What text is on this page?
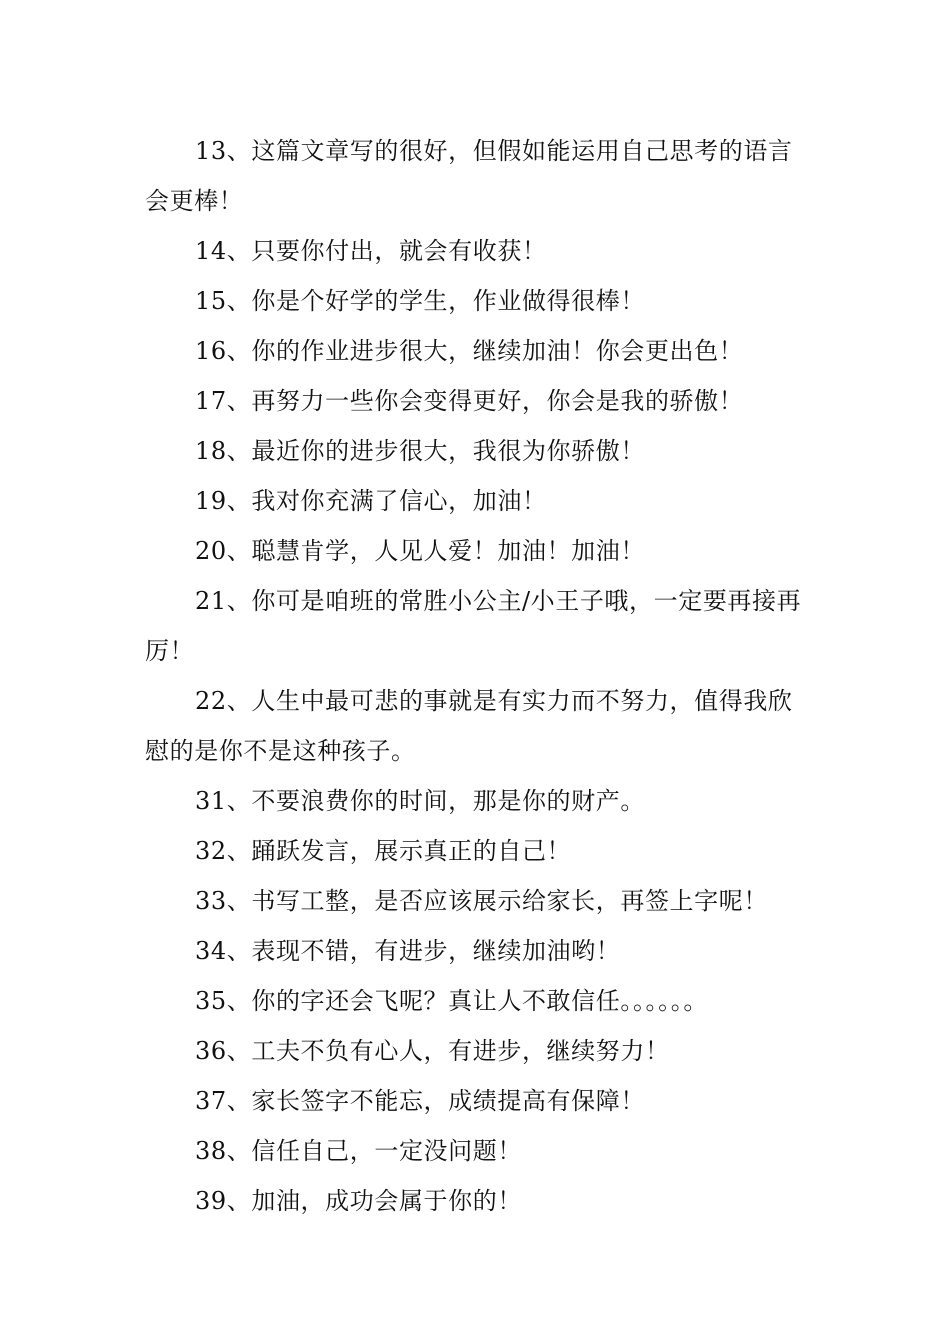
13、这篇文章写的很好，但假如能运用自己思考的语言会更棒！

14、只要你付出，就会有收获！

15、你是个好学的学生，作业做得很棒！

16、你的作业进步很大，继续加油！你会更出色！

17、再努力一些你会变得更好，你会是我的骄傲！

18、最近你的进步很大，我很为你骄傲！

19、我对你充满了信心，加油！

20、聪慧肯学，人见人爱！加油！加油！

21、你可是咱班的常胜小公主/小王子哦，一定要再接再厉！

22、人生中最可悲的事就是有实力而不努力，值得我欣慰的是你不是这种孩子。

31、不要浪费你的时间，那是你的财产。

32、踊跃发言，展示真正的自己！

33、书写工整，是否应该展示给家长，再签上字呢！

34、表现不错，有进步，继续加油哟！

35、你的字还会飞呢？真让人不敢信任。。。。。。

36、工夫不负有心人，有进步，继续努力！

37、家长签字不能忘，成绩提高有保障！

38、信任自己，一定没问题！

39、加油，成功会属于你的！
